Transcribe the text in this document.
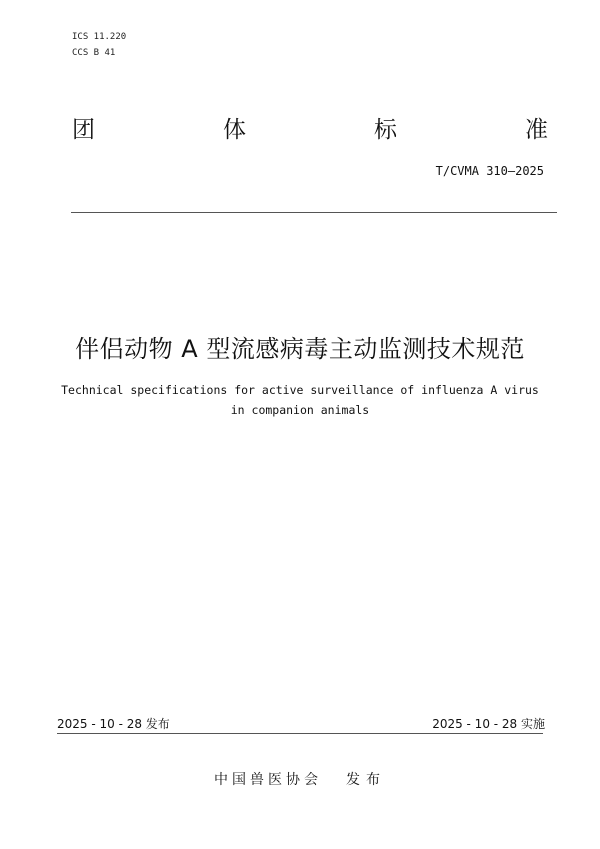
ICS 11.220
CCS B 41
团	体	标	准
T/CVMA 310—2025
伴侣动物 A 型流感病毒主动监测技术规范
Technical specifications for active surveillance of influenza A virus
in companion animals
2025 - 10 - 28 发布	2025 - 10 - 28 实施
中国兽医协会 发布
